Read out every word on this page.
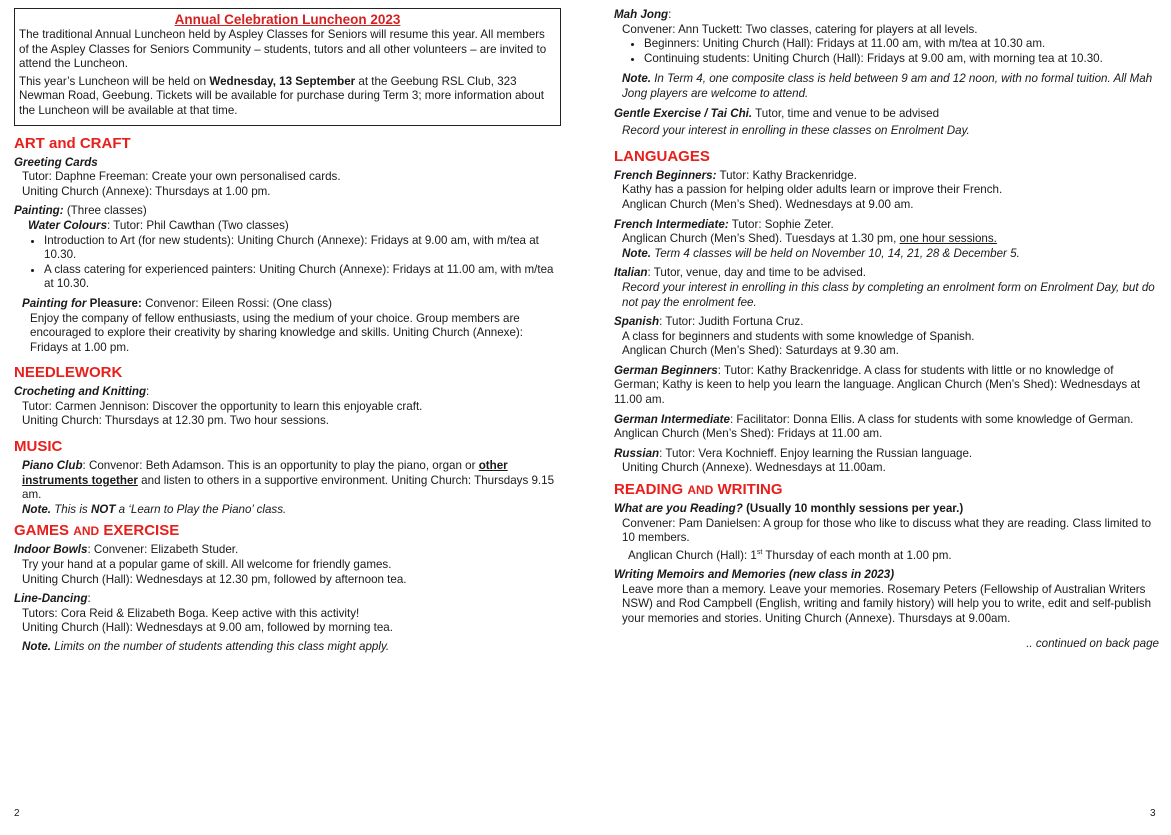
Annual Celebration Luncheon 2023

The traditional Annual Luncheon held by Aspley Classes for Seniors will resume this year. All members of the Aspley Classes for Seniors Community – students, tutors and all other volunteers – are invited to attend the Luncheon.

This year’s Luncheon will be held on Wednesday, 13 September at the Geebung RSL Club, 323 Newman Road, Geebung. Tickets will be available for purchase during Term 3; more information about the Luncheon will be available at that time.

ART and CRAFT
Greeting Cards
Tutor: Daphne Freeman: Create your own personalised cards.
Uniting Church (Annexe): Thursdays at 1.00 pm.
Painting: (Three classes)
Water Colours: Tutor: Phil Cawthan (Two classes)
• Introduction to Art (for new students): Uniting Church (Annexe): Fridays at 9.00 am, with m/tea at 10.30.
• A class catering for experienced painters: Uniting Church (Annexe): Fridays at 11.00 am, with m/tea at 10.30.
Painting for Pleasure: Convenor: Eileen Rossi: (One class)
Enjoy the company of fellow enthusiasts, using the medium of your choice. Group members are encouraged to explore their creativity by sharing knowledge and skills. Uniting Church (Annexe): Fridays at 1.00 pm.
NEEDLEWORK
Crocheting and Knitting:
Tutor: Carmen Jennison: Discover the opportunity to learn this enjoyable craft.
Uniting Church: Thursdays at 12.30 pm. Two hour sessions.
MUSIC
Piano Club: Convenor: Beth Adamson. This is an opportunity to play the piano, organ or other instruments together and listen to others in a supportive environment. Uniting Church: Thursdays 9.15 am.
Note. This is NOT a ‘Learn to Play the Piano’ class.
GAMES AND EXERCISE
Indoor Bowls: Convener: Elizabeth Studer.
Try your hand at a popular game of skill. All welcome for friendly games.
Uniting Church (Hall): Wednesdays at 12.30 pm, followed by afternoon tea.
Line-Dancing:
Tutors: Cora Reid & Elizabeth Boga. Keep active with this activity!
Uniting Church (Hall): Wednesdays at 9.00 am, followed by morning tea.
Note. Limits on the number of students attending this class might apply.
Mah Jong:
Convener: Ann Tuckett: Two classes, catering for players at all levels.
• Beginners: Uniting Church (Hall): Fridays at 11.00 am, with m/tea at 10.30 am.
• Continuing students: Uniting Church (Hall): Fridays at 9.00 am, with morning tea at 10.30.
Note. In Term 4, one composite class is held between 9 am and 12 noon, with no formal tuition. All Mah Jong players are welcome to attend.
Gentle Exercise / Tai Chi. Tutor, time and venue to be advised
Record your interest in enrolling in these classes on Enrolment Day.
LANGUAGES
French Beginners: Tutor: Kathy Brackenridge.
Kathy has a passion for helping older adults learn or improve their French.
Anglican Church (Men’s Shed). Wednesdays at 9.00 am.
French Intermediate: Tutor: Sophie Zeter.
Anglican Church (Men’s Shed). Tuesdays at 1.30 pm, one hour sessions.
Note. Term 4 classes will be held on November 10, 14, 21, 28 & December 5.
Italian: Tutor, venue, day and time to be advised.
Record your interest in enrolling in this class by completing an enrolment form on Enrolment Day, but do not pay the enrolment fee.
Spanish: Tutor: Judith Fortuna Cruz.
A class for beginners and students with some knowledge of Spanish.
Anglican Church (Men’s Shed): Saturdays at 9.30 am.
German Beginners: Tutor: Kathy Brackenridge. A class for students with little or no knowledge of German; Kathy is keen to help you learn the language. Anglican Church (Men’s Shed): Wednesdays at 11.00 am.
German Intermediate: Facilitator: Donna Ellis. A class for students with some knowledge of German. Anglican Church (Men’s Shed): Fridays at 11.00 am.
Russian: Tutor: Vera Kochnieff. Enjoy learning the Russian language.
Uniting Church (Annexe). Wednesdays at 11.00am.
READING AND WRITING
What are you Reading? (Usually 10 monthly sessions per year.)
Convener: Pam Danielsen: A group for those who like to discuss what they are reading. Class limited to 10 members.
Anglican Church (Hall): 1st Thursday of each month at 1.00 pm.
Writing Memoirs and Memories (new class in 2023)
Leave more than a memory. Leave your memories. Rosemary Peters (Fellowship of Australian Writers NSW) and Rod Campbell (English, writing and family history) will help you to write, edit and self-publish your memories and stories. Uniting Church (Annexe). Thursdays at 9.00am.
.. continued on back page
2	3
